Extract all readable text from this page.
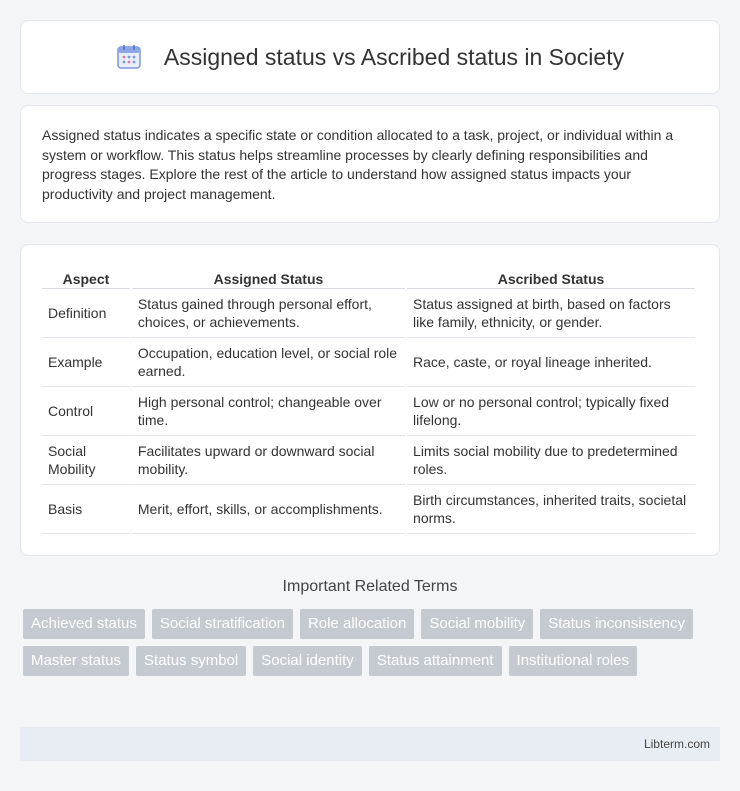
Assigned status vs Ascribed status in Society

Assigned status indicates a specific state or condition allocated to a task, project, or individual within a system or workflow. This status helps streamline processes by clearly defining responsibilities and progress stages. Explore the rest of the article to understand how assigned status impacts your productivity and project management.

Aspect	Assigned Status	Ascribed Status
Definition	Status gained through personal effort, choices, or achievements.	Status assigned at birth, based on factors like family, ethnicity, or gender.
Example	Occupation, education level, or social role earned.	Race, caste, or royal lineage inherited.
Control	High personal control; changeable over time.	Low or no personal control; typically fixed lifelong.
Social Mobility	Facilitates upward or downward social mobility.	Limits social mobility due to predetermined roles.
Basis	Merit, effort, skills, or accomplishments.	Birth circumstances, inherited traits, societal norms.
Important Related Terms
Achieved status	Social stratification	Role allocation	Social mobility	Status inconsistency
Master status	Status symbol	Social identity	Status attainment	Institutional roles
Libterm.com
